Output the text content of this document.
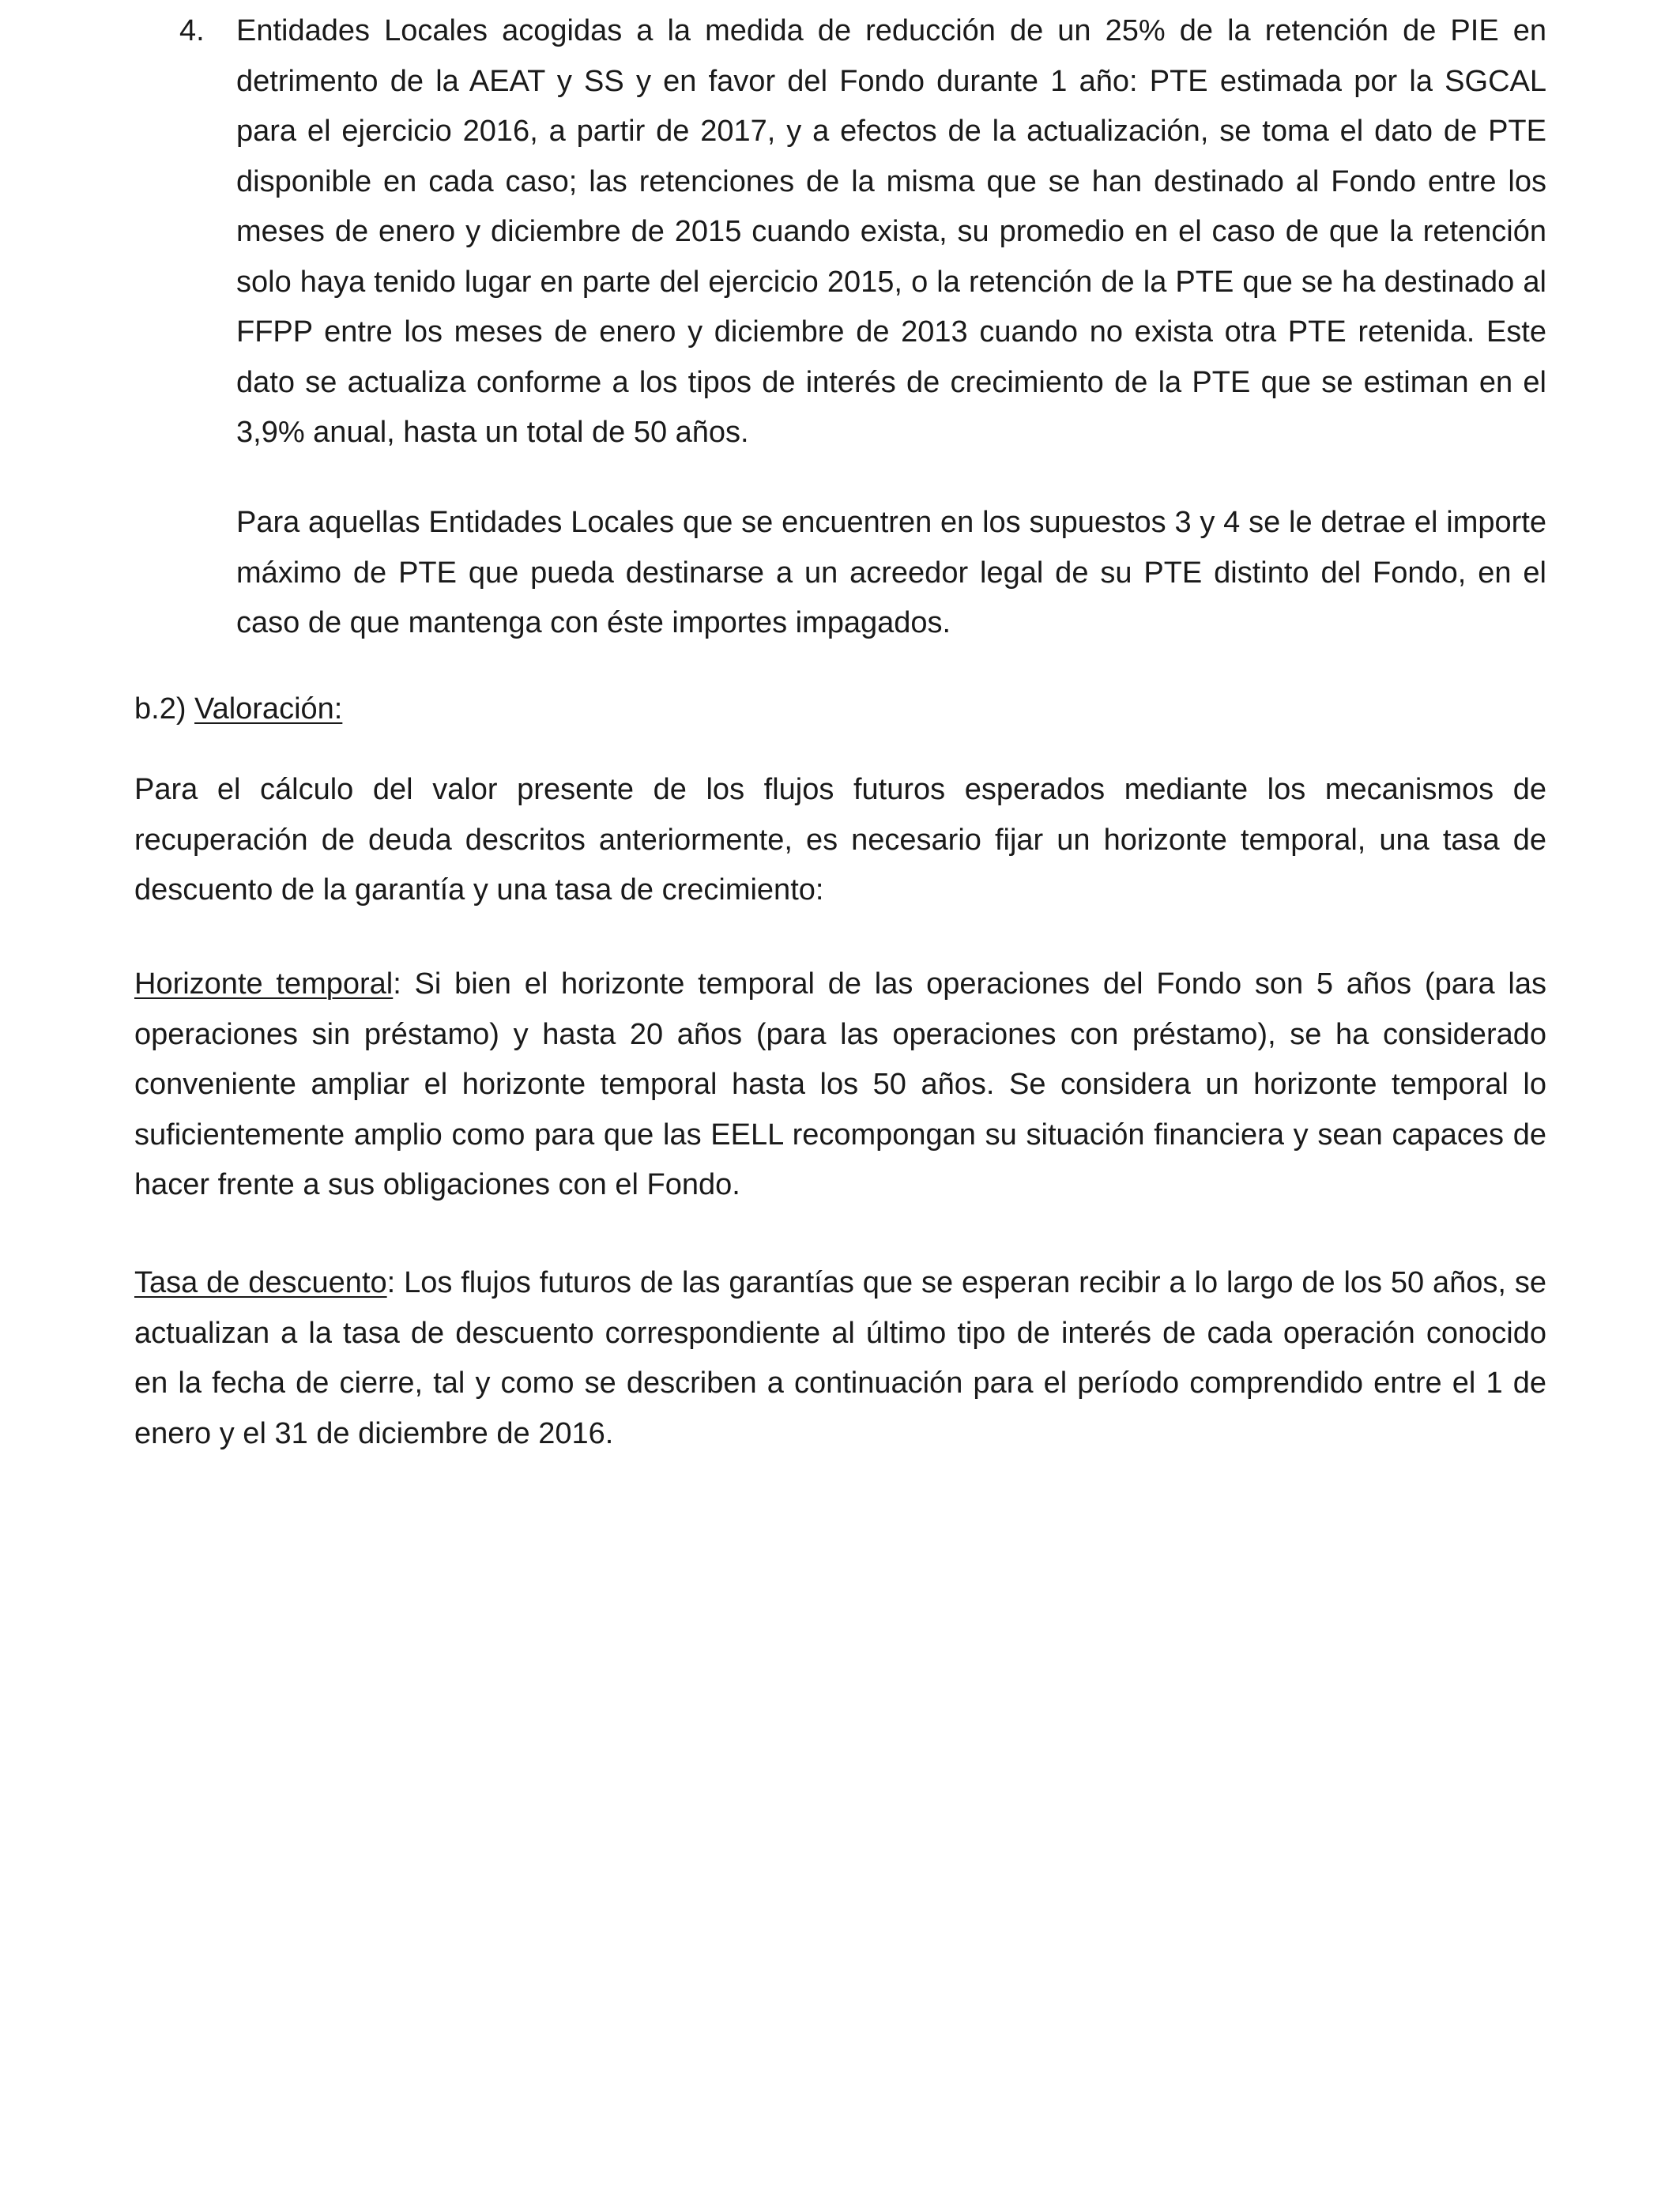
4. Entidades Locales acogidas a la medida de reducción de un 25% de la retención de PIE en detrimento de la AEAT y SS y en favor del Fondo durante 1 año: PTE estimada por la SGCAL para el ejercicio 2016, a partir de 2017, y a efectos de la actualización, se toma el dato de PTE disponible en cada caso; las retenciones de la misma que se han destinado al Fondo entre los meses de enero y diciembre de 2015 cuando exista, su promedio en el caso de que la retención solo haya tenido lugar en parte del ejercicio 2015, o la retención de la PTE que se ha destinado al FFPP entre los meses de enero y diciembre de 2013 cuando no exista otra PTE retenida. Este dato se actualiza conforme a los tipos de interés de crecimiento de la PTE que se estiman en el 3,9% anual, hasta un total de 50 años.

Para aquellas Entidades Locales que se encuentren en los supuestos 3 y 4 se le detrae el importe máximo de PTE que pueda destinarse a un acreedor legal de su PTE distinto del Fondo, en el caso de que mantenga con éste importes impagados.

b.2) Valoración:

Para el cálculo del valor presente de los flujos futuros esperados mediante los mecanismos de recuperación de deuda descritos anteriormente, es necesario fijar un horizonte temporal, una tasa de descuento de la garantía y una tasa de crecimiento:

Horizonte temporal: Si bien el horizonte temporal de las operaciones del Fondo son 5 años (para las operaciones sin préstamo) y hasta 20 años (para las operaciones con préstamo), se ha considerado conveniente ampliar el horizonte temporal hasta los 50 años. Se considera un horizonte temporal lo suficientemente amplio como para que las EELL recompongan su situación financiera y sean capaces de hacer frente a sus obligaciones con el Fondo.

Tasa de descuento: Los flujos futuros de las garantías que se esperan recibir a lo largo de los 50 años, se actualizan a la tasa de descuento correspondiente al último tipo de interés de cada operación conocido en la fecha de cierre, tal y como se describen a continuación para el período comprendido entre el 1 de enero y el 31 de diciembre de 2016.
